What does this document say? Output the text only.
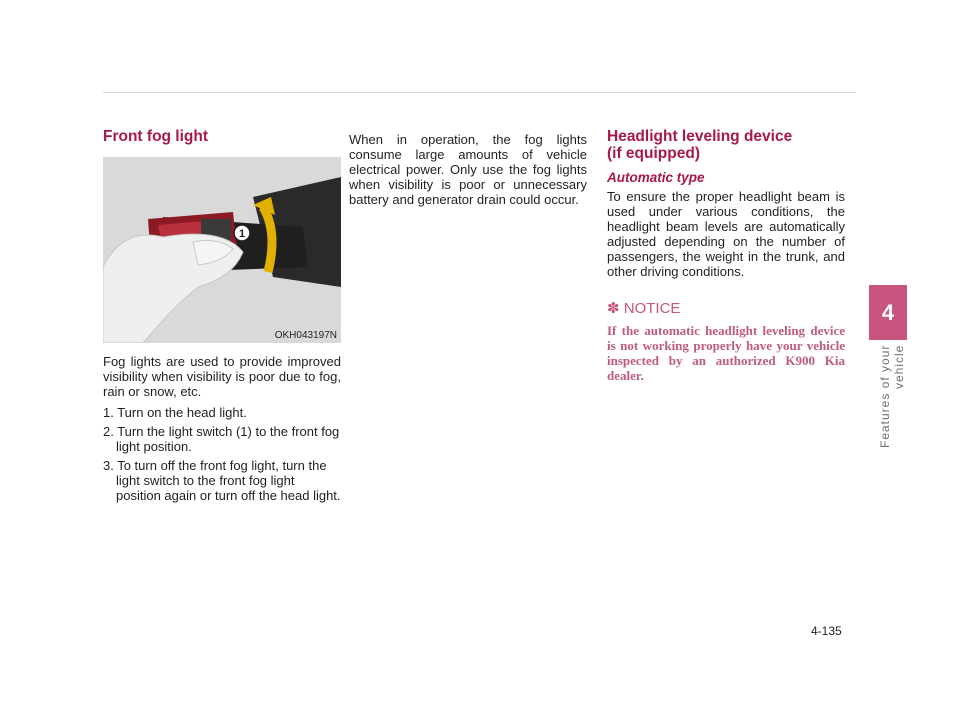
4
Features of your vehicle
Front fog light
1
OKH043197N

Fog lights are used to provide improved visibility when visibility is poor due to fog, rain or snow, etc.

1. Turn on the head light.
2. Turn the light switch (1) to the front fog light position.
3. To turn off the front fog light, turn the light switch to the front fog light position again or turn off the head light.

When in operation, the fog lights consume large amounts of vehicle electrical power. Only use the fog lights when visibility is poor or unnecessary battery and generator drain could occur.

Headlight leveling device
(if equipped)
Automatic type

To ensure the proper headlight beam is used under various conditions, the headlight beam levels are automatically adjusted depending on the number of passengers, the weight in the trunk, and other driving conditions.

✽ NOTICE

If the automatic headlight leveling device is not working properly have your vehicle inspected by an authorized K900 Kia dealer.

4-135
